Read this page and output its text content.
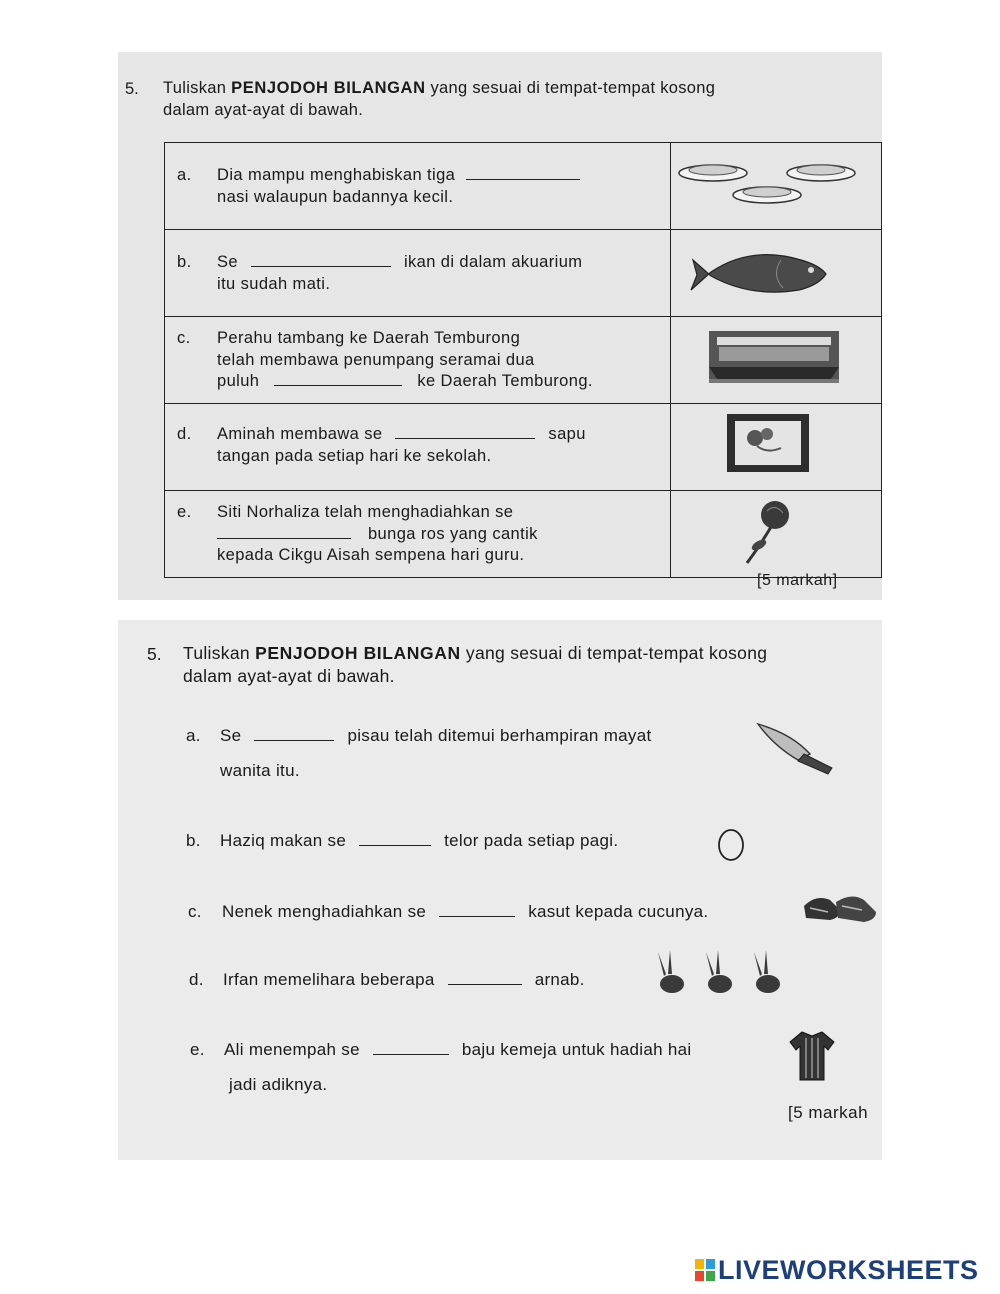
5. Tuliskan PENJODOH BILANGAN yang sesuai di tempat-tempat kosong
dalam ayat-ayat di bawah.
a. Dia mampu menghabiskan tiga
nasi walaupun badannya kecil.

b. Se ikan di dalam akuarium
itu sudah mati.

c. Perahu tambang ke Daerah Temburong
telah membawa penumpang seramai dua
puluh ke Daerah Temburong.

d. Aminah membawa se sapu
tangan pada setiap hari ke sekolah.

e. Siti Norhaliza telah menghadiahkan se
bunga ros yang cantik
kepada Cikgu Aisah sempena hari guru.

[5 markah]
5. Tuliskan PENJODOH BILANGAN yang sesuai di tempat-tempat kosong
dalam ayat-ayat di bawah.
a. Se	pisau telah ditemui berhampiran mayat
wanita itu.
b. Haziq makan se	telor pada setiap pagi.
c. Nenek menghadiahkan se	kasut kepada cucunya.
d. Irfan memelihara beberapa	arnab.
e. Ali menempah se	baju kemeja untuk hadiah hai
jadi adiknya.
[5 markah
LIVEWORKSHEETS
